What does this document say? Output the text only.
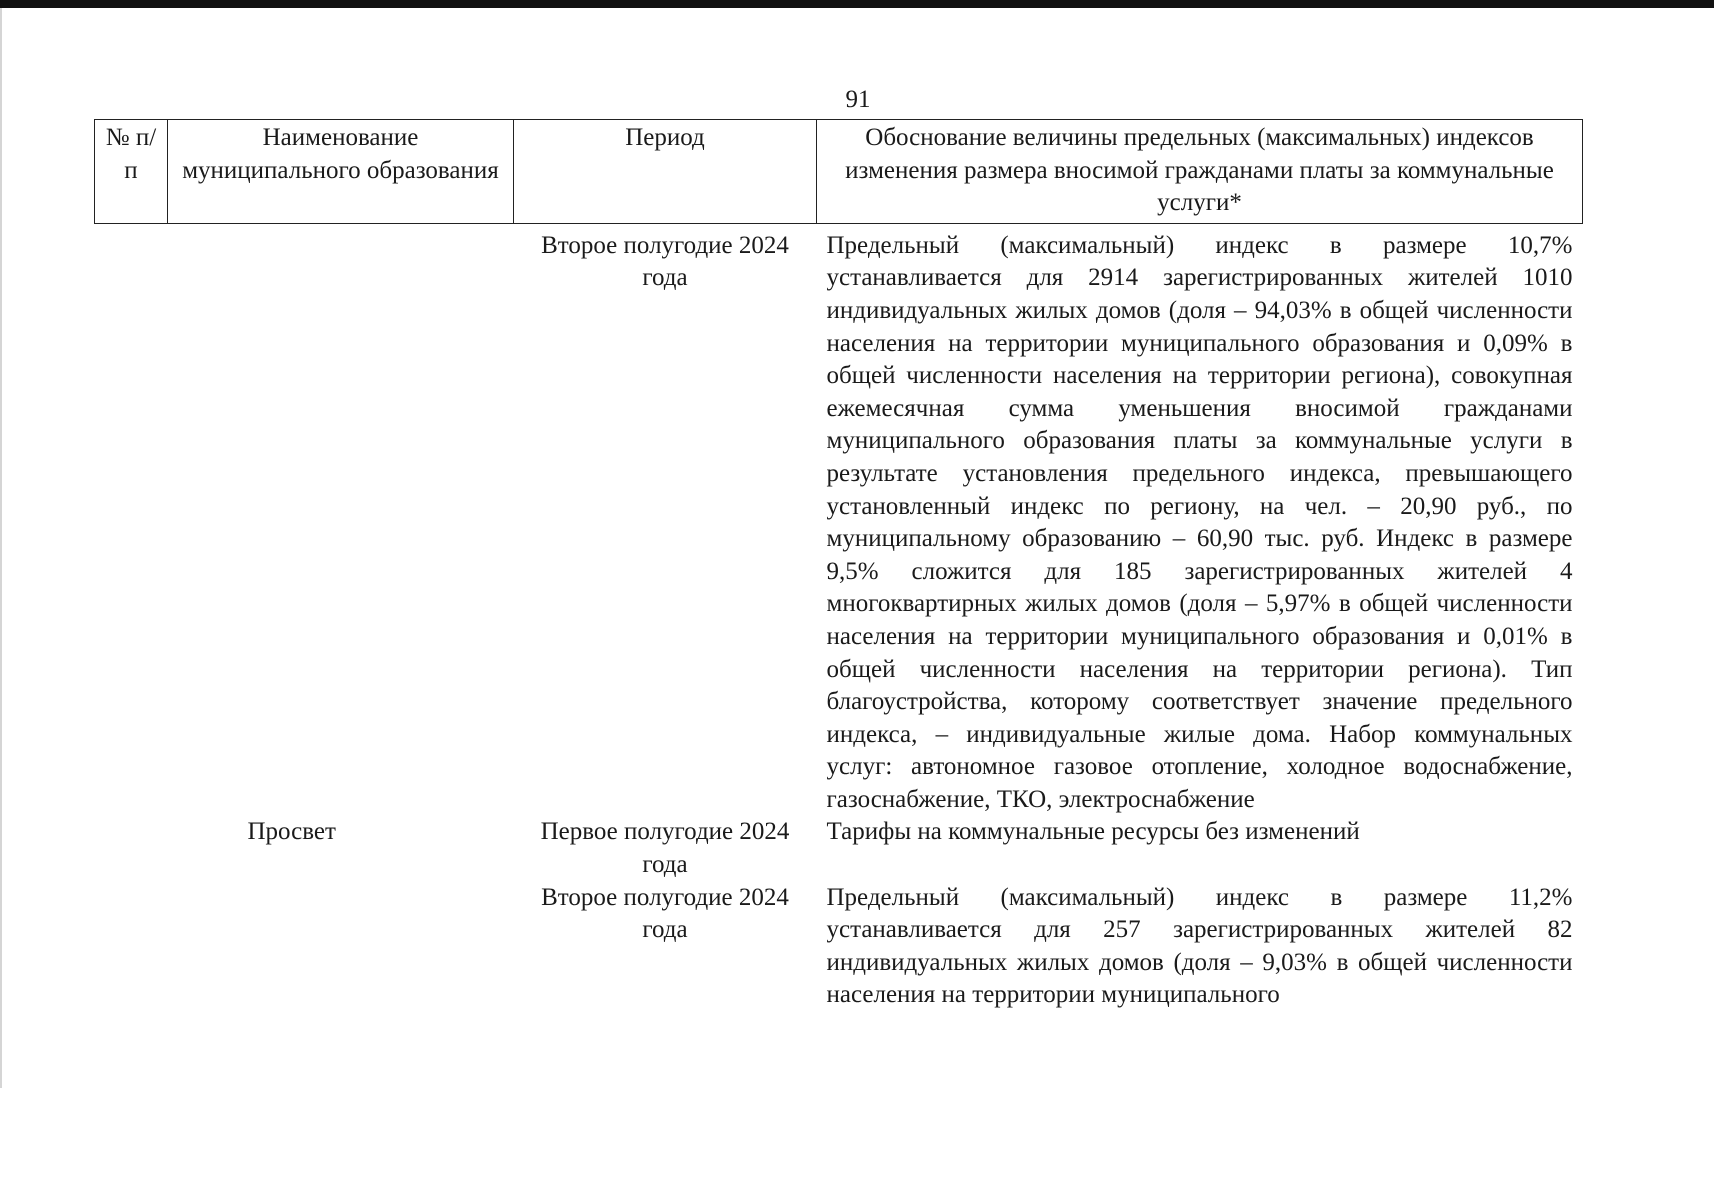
91
№ п/п	Наименование муниципального образования	Период	Обоснование величины предельных (максимальных) индексов изменения размера вносимой гражданами платы за коммунальные услуги*
		Второе полугодие 2024 года	Предельный (максимальный) индекс в размере 10,7% устанавливается для 2914 зарегистрированных жителей 1010 индивидуальных жилых домов (доля – 94,03% в общей численности населения на территории муниципального образования и 0,09% в общей численности населения на территории региона), совокупная ежемесячная сумма уменьшения вносимой гражданами муниципального образования платы за коммунальные услуги в результате установления предельного индекса, превышающего установленный индекс по региону, на чел. – 20,90 руб., по муниципальному образованию – 60,90 тыс. руб. Индекс в размере 9,5% сложится для 185 зарегистрированных жителей 4 многоквартирных жилых домов (доля – 5,97% в общей численности населения на территории муниципального образования и 0,01% в общей численности населения на территории региона). Тип благоустройства, которому соответствует значение предельного индекса, – индивидуальные жилые дома. Набор коммунальных услуг: автономное газовое отопление, холодное водоснабжение, газоснабжение, ТКО, электроснабжение
	Просвет	Первое полугодие 2024 года	Тарифы на коммунальные ресурсы без изменений
		Второе полугодие 2024 года	Предельный (максимальный) индекс в размере 11,2% устанавливается для 257 зарегистрированных жителей 82 индивидуальных жилых домов (доля – 9,03% в общей численности населения на территории муниципального
